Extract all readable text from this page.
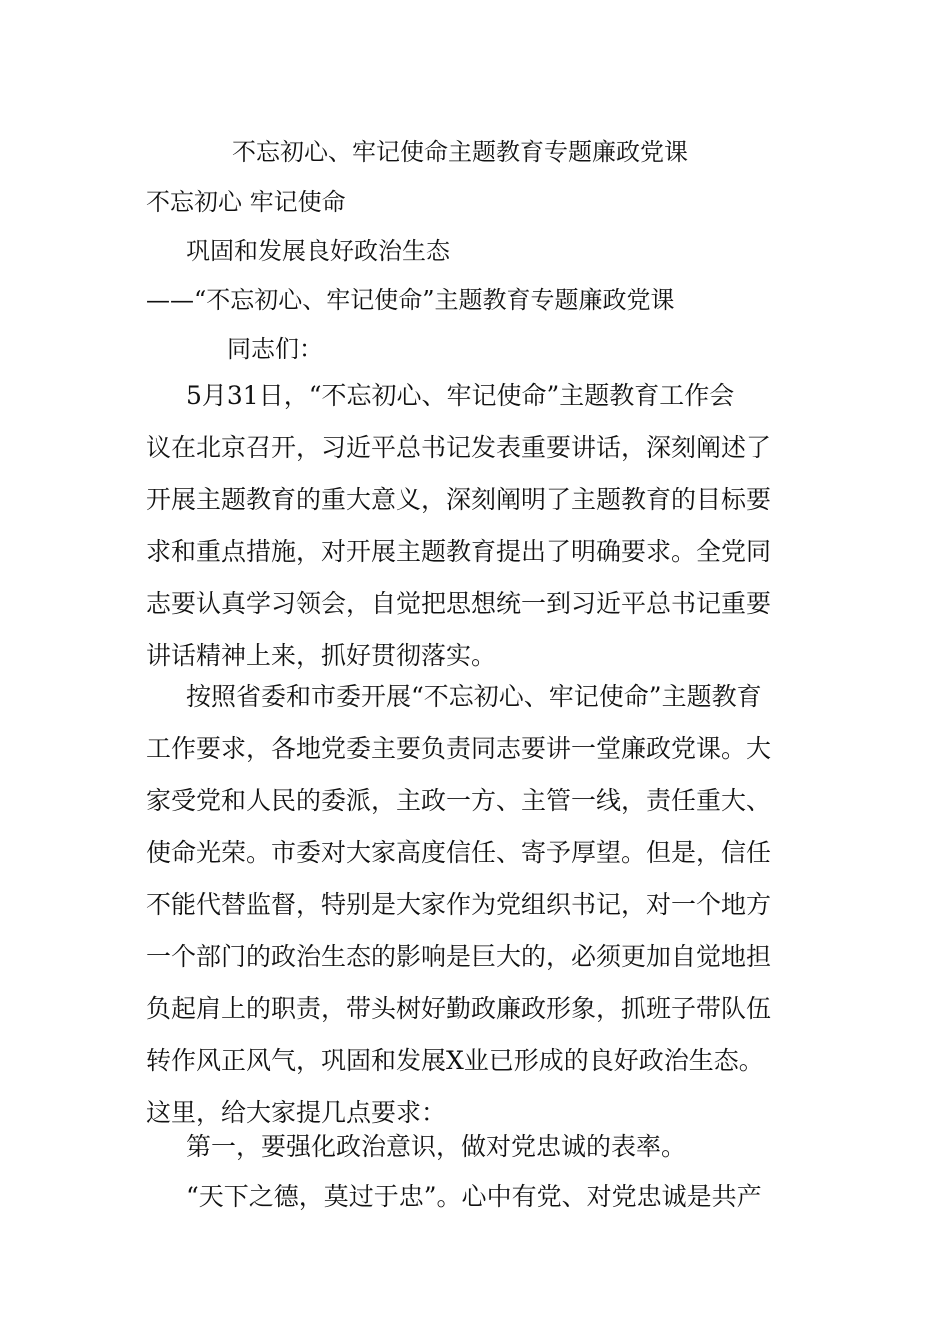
不忘初心、牢记使命主题教育专题廉政党课
不忘初心 牢记使命
巩固和发展良好政治生态
——“不忘初心、牢记使命”主题教育专题廉政党课
同志们：
5月31日，“不忘初心、牢记使命”主题教育工作会
议在北京召开，习近平总书记发表重要讲话，深刻阐述了
开展主题教育的重大意义，深刻阐明了主题教育的目标要
求和重点措施，对开展主题教育提出了明确要求。全党同
志要认真学习领会，自觉把思想统一到习近平总书记重要
讲话精神上来，抓好贯彻落实。
按照省委和市委开展“不忘初心、牢记使命”主题教育
工作要求，各地党委主要负责同志要讲一堂廉政党课。大
家受党和人民的委派，主政一方、主管一线，责任重大、
使命光荣。市委对大家高度信任、寄予厚望。但是，信任
不能代替监督，特别是大家作为党组织书记，对一个地方
一个部门的政治生态的影响是巨大的，必须更加自觉地担
负起肩上的职责，带头树好勤政廉政形象，抓班子带队伍
转作风正风气，巩固和发展X业已形成的良好政治生态。
这里，给大家提几点要求：
第一，要强化政治意识，做对党忠诚的表率。
“天下之德，莫过于忠”。心中有党、对党忠诚是共产
